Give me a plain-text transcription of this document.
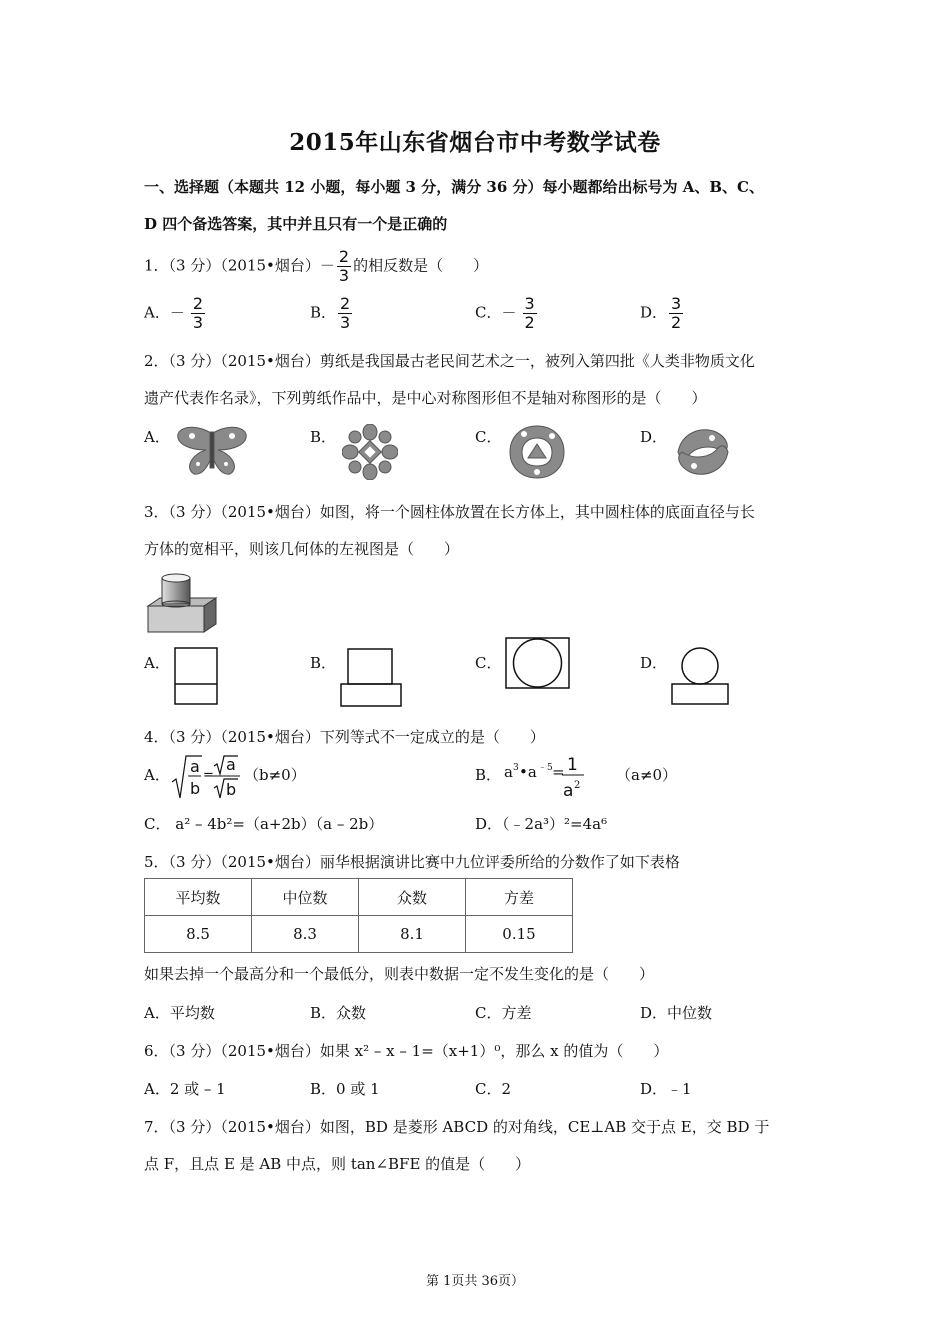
2015年山东省烟台市中考数学试卷
一、选择题（本题共 12 小题，每小题 3 分，满分 36 分）每小题都给出标号为 A、B、C、
D 四个备选答案，其中并且只有一个是正确的
1．（3 分）（2015•烟台）－ $\frac{2}{3}$ 的相反数是（　　）
A．－ $\frac{2}{3}$	B． $\frac{2}{3}$	C．－ $\frac{3}{2}$	D． $\frac{3}{2}$
2．（3 分）（2015•烟台）剪纸是我国最古老民间艺术之一，被列入第四批《人类非物质文化
遗产代表作名录》，下列剪纸作品中，是中心对称图形但不是轴对称图形的是（　　）
A．	B．	C．	D．
3．（3 分）（2015•烟台）如图，将一个圆柱体放置在长方体上，其中圆柱体的底面直径与长
方体的宽相平，则该几何体的左视图是（　　）
A．	B．	C．	D．
4．（3 分）（2015•烟台）下列等式不一定成立的是（　　）
A． a
b
=
a
b
（b≠0）	B． a 3 •a ﹣5 = 1
a 2
（a≠0）
C． a² – 4b²=（a+2b）（a – 2b）	D．（﹣2a³）²=4a⁶
5．（3 分）（2015•烟台）丽华根据演讲比赛中九位评委所给的分数作了如下表格
平均数	中位数	众数	方差
8.5	8.3	8.1	0.15
如果去掉一个最高分和一个最低分，则表中数据一定不发生变化的是（　　）
A．平均数	B．众数	C．方差	D．中位数
6．（3 分）（2015•烟台）如果 x² – x – 1=（x+1）⁰，那么 x 的值为（　　）
A．2 或 – 1	B．0 或 1	C．2	D．﹣1
7．（3 分）（2015•烟台）如图，BD 是菱形 ABCD 的对角线，CE⊥AB 交于点 E，交 BD 于
点 F，且点 E 是 AB 中点，则 tan∠BFE 的值是（　　）
第 1页共 36页）
